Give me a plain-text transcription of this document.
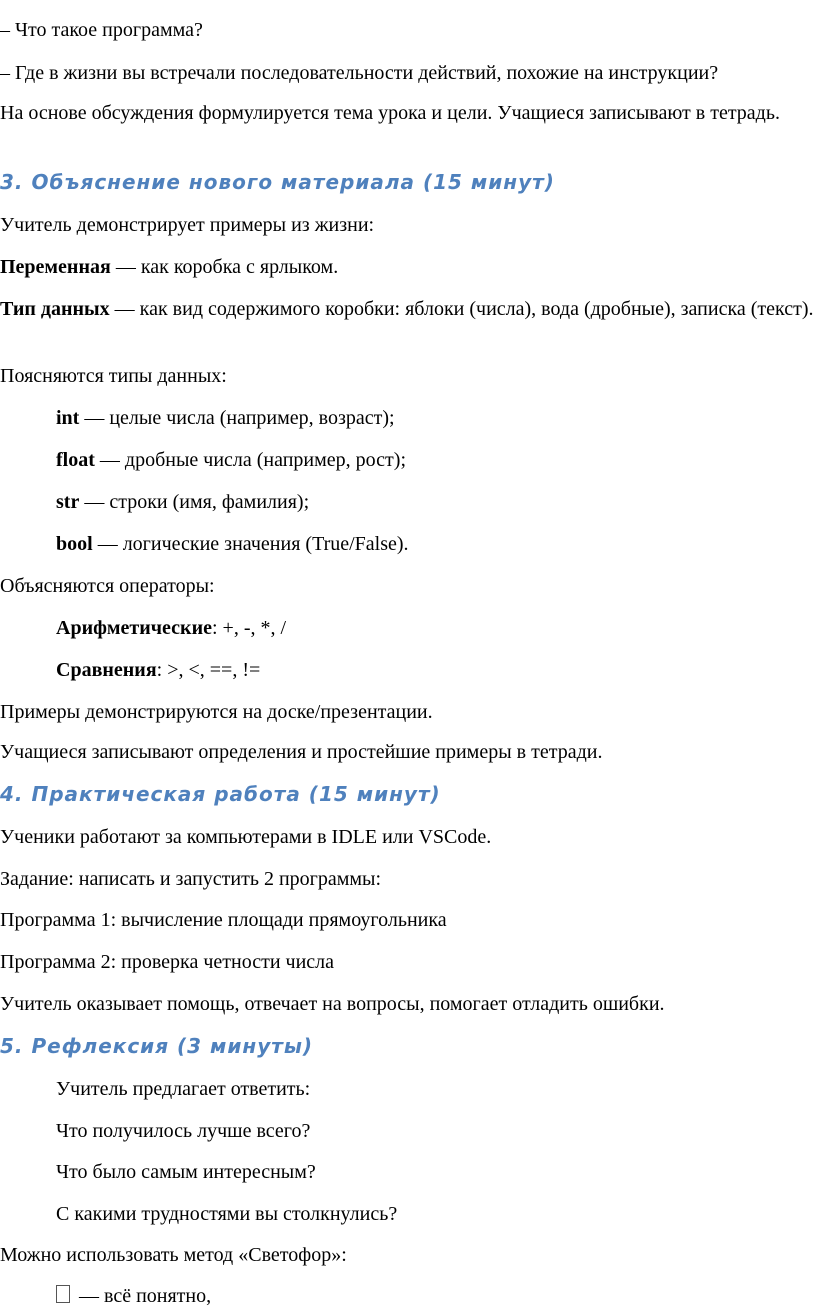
– Что такое программа?

– Где в жизни вы встречали последовательности действий, похожие на инструкции?

На основе обсуждения формулируется тема урока и цели. Учащиеся записывают в тетрадь.

3. Объяснение нового материала (15 минут)

Учитель демонстрирует примеры из жизни:

Переменная — как коробка с ярлыком.

Тип данных — как вид содержимого коробки: яблоки (числа), вода (дробные), записка (текст).

Поясняются типы данных:

int — целые числа (например, возраст);

float — дробные числа (например, рост);

str — строки (имя, фамилия);

bool — логические значения (True/False).

Объясняются операторы:

Арифметические: +, -, *, /

Сравнения: >, <, ==, !=

Примеры демонстрируются на доске/презентации.

Учащиеся записывают определения и простейшие примеры в тетради.

4. Практическая работа (15 минут)

Ученики работают за компьютерами в IDLE или VSCode.

Задание: написать и запустить 2 программы:

Программа 1: вычисление площади прямоугольника

Программа 2: проверка четности числа

Учитель оказывает помощь, отвечает на вопросы, помогает отладить ошибки.

5. Рефлексия (3 минуты)

Учитель предлагает ответить:

Что получилось лучше всего?

Что было самым интересным?

С какими трудностями вы столкнулись?

Можно использовать метод «Светофор»:

— всё понятно,
